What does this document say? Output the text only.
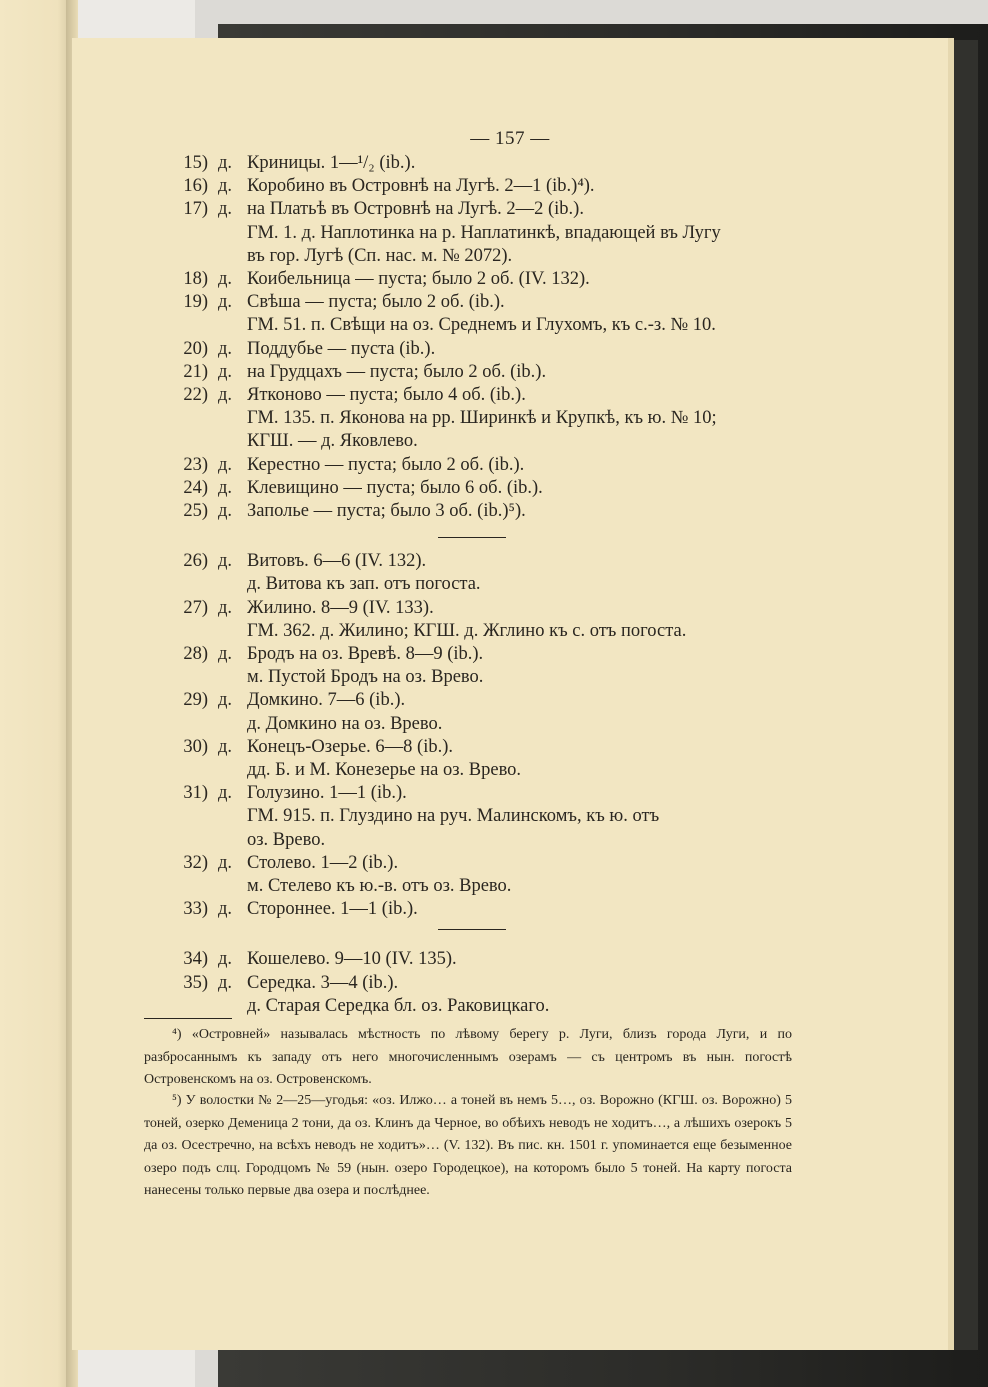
— 157 —
15) д. Криницы. 1—¹/₂ (ib.).
16) д. Коробино въ Островнѣ на Лугѣ. 2—1 (ib.)⁴).
17) д. на Платьѣ въ Островнѣ на Лугѣ. 2—2 (ib.).
ГМ. 1. д. Наплотинка на р. Наплатинкѣ, впадающей въ Лугу
въ гор. Лугѣ (Сп. нас. м. № 2072).
18) д. Коибельница — пуста; было 2 об. (IV. 132).
19) д. Свѣша — пуста; было 2 об. (ib.).
ГМ. 51. п. Свѣщи на оз. Среднемъ и Глухомъ, къ с.-з. № 10.
20) д. Поддубье — пуста (ib.).
21) д. на Грудцахъ — пуста; было 2 об. (ib.).
22) д. Ятконово — пуста; было 4 об. (ib.).
ГМ. 135. п. Яконова на рр. Ширинкѣ и Крупкѣ, къ ю. № 10;
КГШ. — д. Яковлево.
23) д. Керестно — пуста; было 2 об. (ib.).
24) д. Клевищино — пуста; было 6 об. (ib.).
25) д. Заполье — пуста; было 3 об. (ib.)⁵).
26) д. Витовъ. 6—6 (IV. 132).
д. Витова къ зап. отъ погоста.
27) д. Жилино. 8—9 (IV. 133).
ГМ. 362. д. Жилино; КГШ. д. Жглино къ с. отъ погоста.
28) д. Бродъ на оз. Вревѣ. 8—9 (ib.).
м. Пустой Бродъ на оз. Врево.
29) д. Домкино. 7—6 (ib.).
д. Домкино на оз. Врево.
30) д. Конецъ-Озерье. 6—8 (ib.).
дд. Б. и М. Конезерье на оз. Врево.
31) д. Голузино. 1—1 (ib.).
ГМ. 915. п. Глуздино на руч. Малинскомъ, къ ю. отъ
оз. Врево.
32) д. Столево. 1—2 (ib.).
м. Стелево къ ю.-в. отъ оз. Врево.
33) д. Стороннее. 1—1 (ib.).
34) д. Кошелево. 9—10 (IV. 135).
35) д. Середка. 3—4 (ib.).
д. Старая Середка бл. оз. Раковицкаго.
⁴) «Островней» называлась мѣстность по лѣвому берегу р. Луги, близъ города Луги, и по разбросаннымъ къ западу отъ него многочисленнымъ озерамъ — съ центромъ въ нын. погостѣ Островенскомъ на оз. Островенскомъ.
⁵) У волостки № 2—25—угодья: «оз. Илжо… а тоней въ немъ 5…, оз. Ворожно (КГШ. оз. Ворожно) 5 тоней, озерко Деменица 2 тони, да оз. Клинъ да Черное, во обѣихъ неводъ не ходитъ…, а лѣшихъ озерокъ 5 да оз. Осестречно, на всѣхъ неводъ не ходитъ»… (V. 132). Въ пис. кн. 1501 г. упоминается еще безыменное озеро подъ слц. Городцомъ № 59 (нын. озеро Городецкое), на которомъ было 5 тоней. На карту погоста нанесены только первые два озера и послѣднее.
